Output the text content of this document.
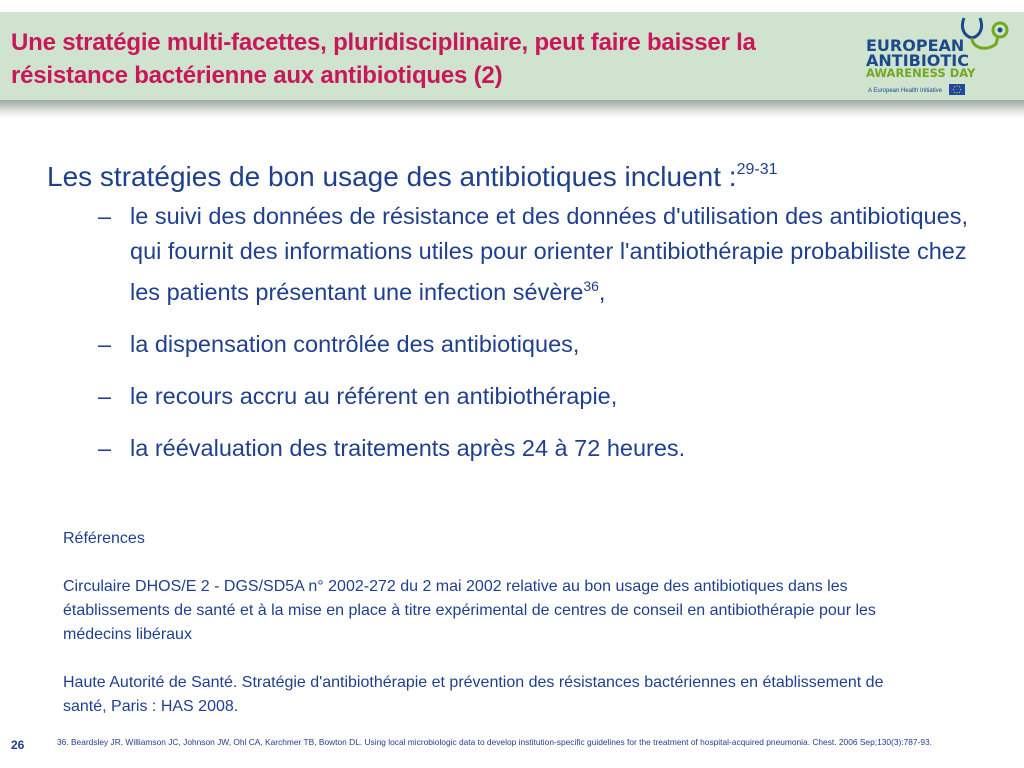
Une stratégie multi-facettes, pluridisciplinaire, peut faire baisser la résistance bactérienne aux antibiotiques (2)
EUROPEAN
ANTIBIOTIC
AWARENESS DAY
A European Health Initiative

Les stratégies de bon usage des antibiotiques incluent :$^{29-31}$

– le suivi des données de résistance et des données d'utilisation des antibiotiques, qui fournit des informations utiles pour orienter l'antibiothérapie probabiliste chez les patients présentant une infection sévère$^{36}$,
– la dispensation contrôlée des antibiotiques,
– le recours accru au référent en antibiothérapie,
– la réévaluation des traitements après 24 à 72 heures.

Références

Circulaire DHOS/E 2 - DGS/SD5A n° 2002-272 du 2 mai 2002 relative au bon usage des antibiotiques dans les établissements de santé et à la mise en place à titre expérimental de centres de conseil en antibiothérapie pour les médecins libéraux

Haute Autorité de Santé. Stratégie d'antibiothérapie et prévention des résistances bactériennes en établissement de santé, Paris : HAS 2008.

26	36. Beardsley JR, Williamson JC, Johnson JW, Ohl CA, Karchmer TB, Bowton DL. Using local microbiologic data to develop institution-specific guidelines for the treatment of hospital-acquired pneumonia. Chest. 2006 Sep;130(3):787-93.
